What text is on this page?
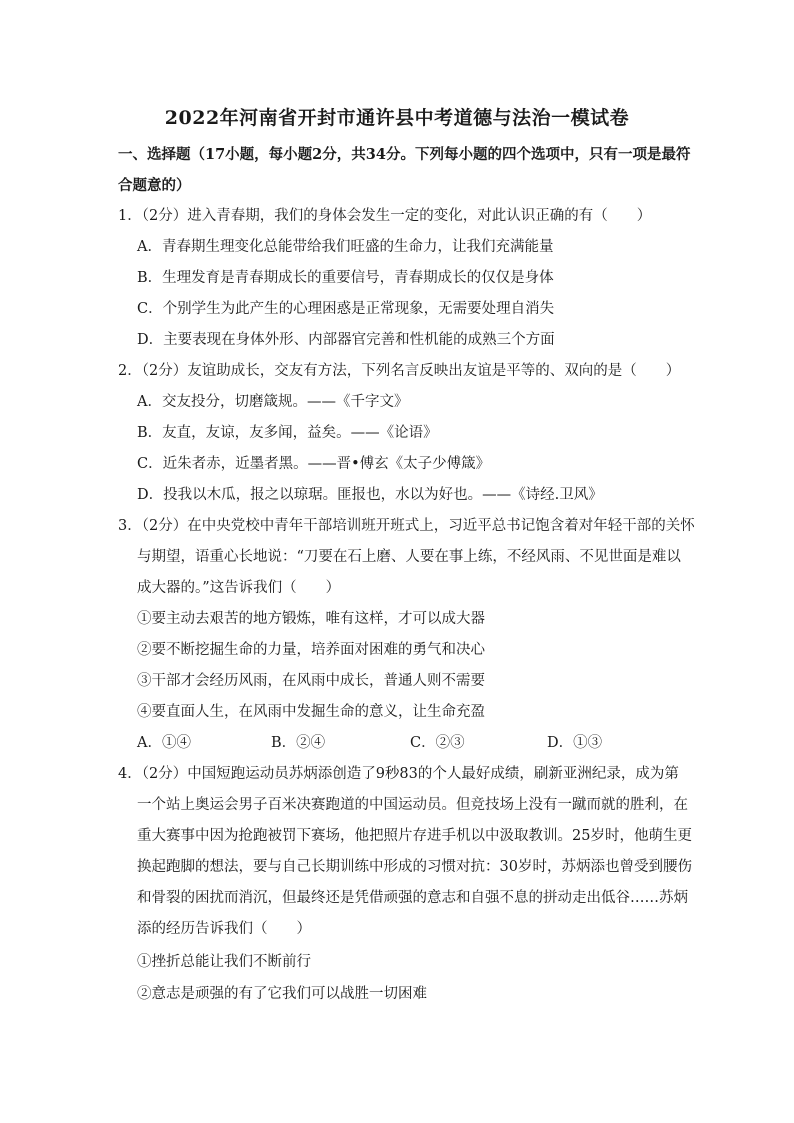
2022年河南省开封市通许县中考道德与法治一模试卷
一、选择题（17小题，每小题2分，共34分。下列每小题的四个选项中，只有一项是最符
合题意的）
1．（2分）进入青春期，我们的身体会发生一定的变化，对此认识正确的有（　　）
A．青春期生理变化总能带给我们旺盛的生命力，让我们充满能量
B．生理发育是青春期成长的重要信号，青春期成长的仅仅是身体
C．个别学生为此产生的心理困惑是正常现象，无需要处理自消失
D．主要表现在身体外形、内部器官完善和性机能的成熟三个方面
2．（2分）友谊助成长，交友有方法，下列名言反映出友谊是平等的、双向的是（　　）
A．交友投分，切磨箴规。——《千字文》
B．友直，友谅，友多闻，益矣。——《论语》
C．近朱者赤，近墨者黑。——晋•傅玄《太子少傅箴》
D．投我以木瓜，报之以琼琚。匪报也，水以为好也。——《诗经.卫风》
3．（2分）在中央党校中青年干部培训班开班式上，习近平总书记饱含着对年轻干部的关怀
与期望，语重心长地说：“刀要在石上磨、人要在事上练，不经风雨、不见世面是难以
成大器的。”这告诉我们（　　）
①要主动去艰苦的地方锻炼，唯有这样，才可以成大器
②要不断挖掘生命的力量，培养面对困难的勇气和决心
③干部才会经历风雨，在风雨中成长，普通人则不需要
④要直面人生，在风雨中发掘生命的意义，让生命充盈
A．①④	B．②④	C．②③	D．①③
4．（2分）中国短跑运动员苏炳添创造了9秒83的个人最好成绩，刷新亚洲纪录，成为第
一个站上奥运会男子百米决赛跑道的中国运动员。但竞技场上没有一蹴而就的胜利，在
重大赛事中因为抢跑被罚下赛场，他把照片存进手机以中汲取教训。25岁时，他萌生更
换起跑脚的想法，要与自己长期训练中形成的习惯对抗：30岁时，苏炳添也曾受到腰伤
和骨裂的困扰而消沉，但最终还是凭借顽强的意志和自强不息的拼动走出低谷……苏炳
添的经历告诉我们（　　）
①挫折总能让我们不断前行
②意志是顽强的有了它我们可以战胜一切困难
